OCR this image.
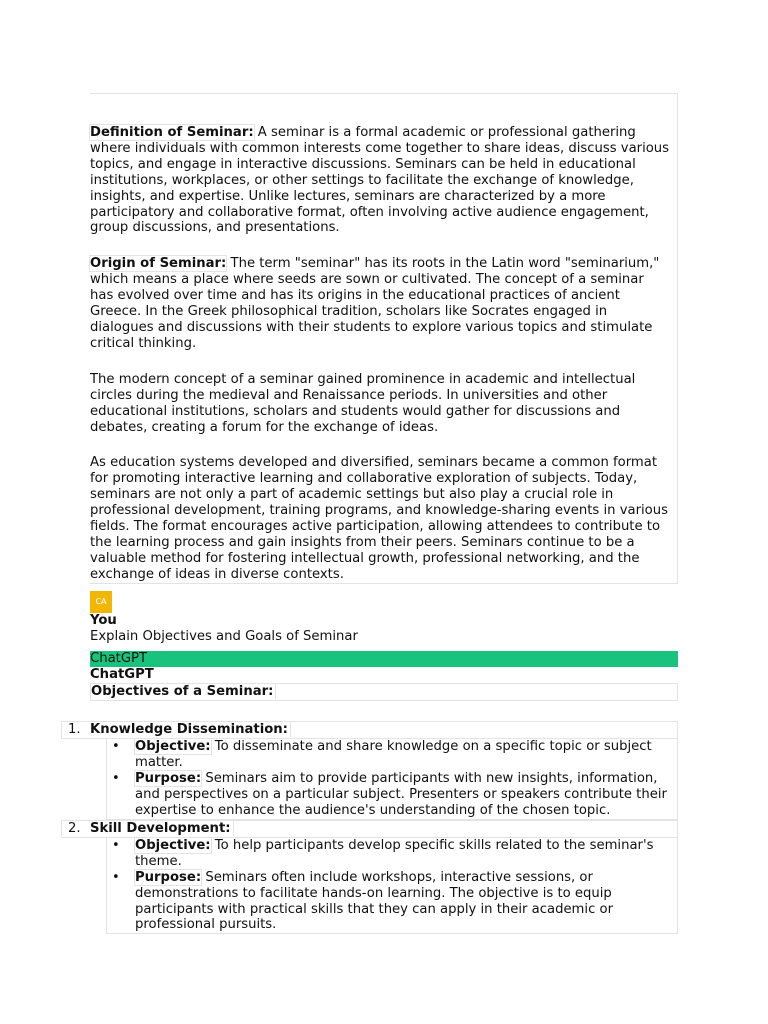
Definition of Seminar: A seminar is a formal academic or professional gathering where individuals with common interests come together to share ideas, discuss various topics, and engage in interactive discussions. Seminars can be held in educational institutions, workplaces, or other settings to facilitate the exchange of knowledge, insights, and expertise. Unlike lectures, seminars are characterized by a more participatory and collaborative format, often involving active audience engagement, group discussions, and presentations.

Origin of Seminar: The term "seminar" has its roots in the Latin word "seminarium," which means a place where seeds are sown or cultivated. The concept of a seminar has evolved over time and has its origins in the educational practices of ancient Greece. In the Greek philosophical tradition, scholars like Socrates engaged in dialogues and discussions with their students to explore various topics and stimulate critical thinking.

The modern concept of a seminar gained prominence in academic and intellectual circles during the medieval and Renaissance periods. In universities and other educational institutions, scholars and students would gather for discussions and debates, creating a forum for the exchange of ideas.

As education systems developed and diversified, seminars became a common format for promoting interactive learning and collaborative exploration of subjects. Today, seminars are not only a part of academic settings but also play a crucial role in professional development, training programs, and knowledge-sharing events in various fields. The format encourages active participation, allowing attendees to contribute to the learning process and gain insights from their peers. Seminars continue to be a valuable method for fostering intellectual growth, professional networking, and the exchange of ideas in diverse contexts.

CA
You
Explain Objectives and Goals of Seminar
ChatGPT
ChatGPT
Objectives of a Seminar:
1. Knowledge Dissemination:
• Objective: To disseminate and share knowledge on a specific topic or subject matter.
• Purpose: Seminars aim to provide participants with new insights, information, and perspectives on a particular subject. Presenters or speakers contribute their expertise to enhance the audience's understanding of the chosen topic.
2. Skill Development:
• Objective: To help participants develop specific skills related to the seminar's theme.
• Purpose: Seminars often include workshops, interactive sessions, or demonstrations to facilitate hands-on learning. The objective is to equip participants with practical skills that they can apply in their academic or professional pursuits.
